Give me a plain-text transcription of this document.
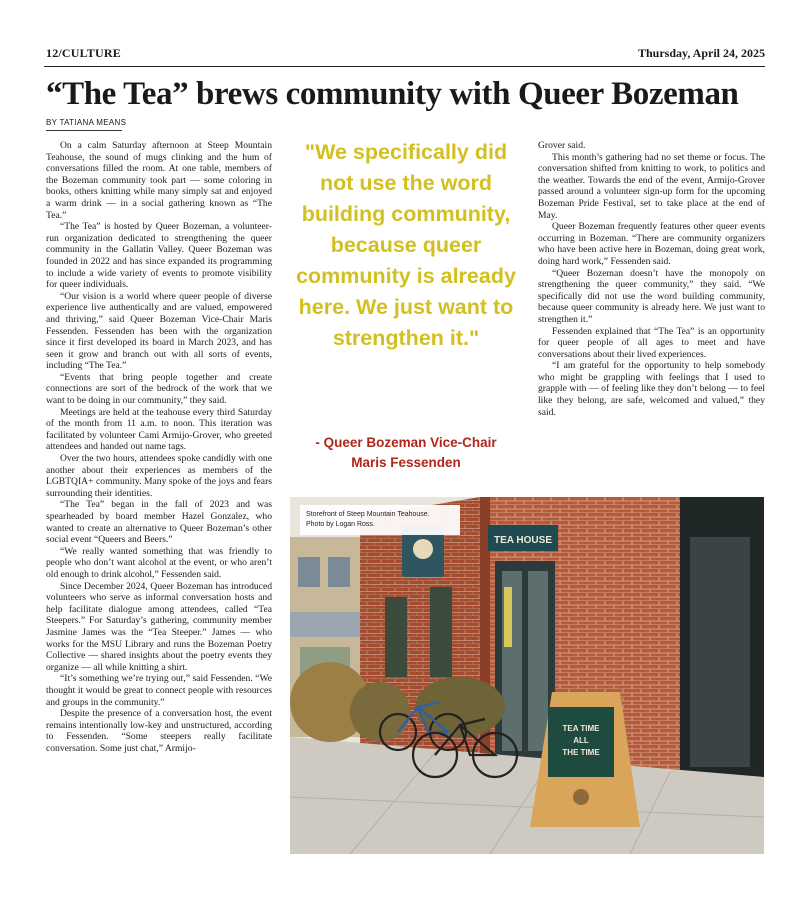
12/CULTURE	Thursday, April 24, 2025
“The Tea” brews community with Queer Bozeman
BY TATIANA MEANS

On a calm Saturday afternoon at Steep Mountain Teahouse, the sound of mugs clinking and the hum of conversations filled the room. At one table, members of the Bozeman community took part — some coloring in books, others knitting while many simply sat and enjoyed a warm drink — in a social gathering known as “The Tea.”

“The Tea” is hosted by Queer Bozeman, a volunteer-run organization dedicated to strengthening the queer community in the Gallatin Valley. Queer Bozeman was founded in 2022 and has since expanded its programming to include a wide variety of events to promote visibility for queer individuals.

“Our vision is a world where queer people of diverse experience live authentically and are valued, empowered and thriving,” said Queer Bozeman Vice-Chair Maris Fessenden. Fessenden has been with the organization since it first developed its board in March 2023, and has seen it grow and branch out with all sorts of events, including “The Tea.”

“Events that bring people together and create connections are sort of the bedrock of the work that we want to be doing in our community,” they said.

Meetings are held at the teahouse every third Saturday of the month from 11 a.m. to noon. This iteration was facilitated by volunteer Cami Armijo-Grover, who greeted attendees and handed out name tags.

Over the two hours, attendees spoke candidly with one another about their experiences as members of the LGBTQIA+ community. Many spoke of the joys and fears surrounding their identities.

“The Tea” began in the fall of 2023 and was spearheaded by board member Hazel Gonzalez, who wanted to create an alternative to Queer Bozeman’s other social event “Queers and Beers.”

“We really wanted something that was friendly to people who don’t want alcohol at the event, or who aren’t old enough to drink alcohol,” Fessenden said.

Since December 2024, Queer Bozeman has introduced volunteers who serve as informal conversation hosts and help facilitate dialogue among attendees, called “Tea Steepers.” For Saturday’s gathering, community member Jasmine James was the “Tea Steeper.” James — who works for the MSU Library and runs the Bozeman Poetry Collective — shared insights about the poetry events they organize — all while knitting a shirt.

“It’s something we’re trying out,” said Fessenden. “We thought it would be great to connect people with resources and groups in the community.”

Despite the presence of a conversation host, the event remains intentionally low-key and unstructured, according to Fessenden. “Some steepers really facilitate conversation. Some just chat,” Armijo-

"We specifically did not use the word building community, because queer community is already here. We just want to strengthen it."
- Queer Bozeman Vice-Chair
Maris Fessenden

Grover said.

This month’s gathering had no set theme or focus. The conversation shifted from knitting to work, to politics and the weather. Towards the end of the event, Armijo-Grover passed around a volunteer sign-up form for the upcoming Bozeman Pride Festival, set to take place at the end of May.

Queer Bozeman frequently features other queer events occurring in Bozeman. “There are community organizers who have been active here in Bozeman, doing great work, doing hard work,” Fessenden said.

“Queer Bozeman doesn’t have the monopoly on strengthening the queer community,” they said. “We specifically did not use the word building community, because queer community is already here. We just want to strengthen it.”

Fessenden explained that “The Tea” is an opportunity for queer people of all ages to meet and have conversations about their lived experiences.

“I am grateful for the opportunity to help somebody who might be grappling with feelings that I used to grapple with — of feeling like they don’t belong — to feel like they belong, are safe, welcomed and valued,” they said.

TEA HOUSE
TEA TIME
ALL
THE TIME
Storefront of Steep Mountain Teahouse.
Photo by Logan Ross.
